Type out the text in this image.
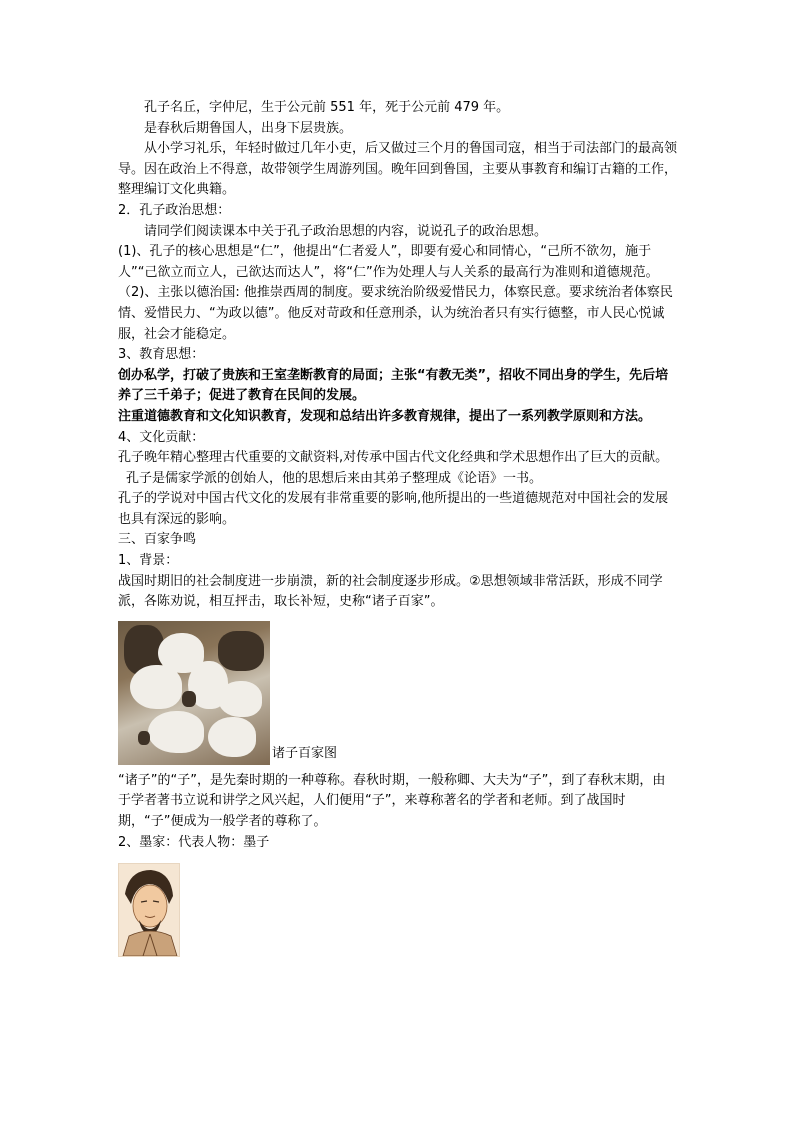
孔子名丘，字仲尼，生于公元前 551 年，死于公元前 479 年。

是春秋后期鲁国人，出身下层贵族。

从小学习礼乐，年轻时做过几年小吏，后又做过三个月的鲁国司寇，相当于司法部门的最高领导。因在政治上不得意，故带领学生周游列国。晚年回到鲁国，主要从事教育和编订古籍的工作，整理编订文化典籍。

2．孔子政治思想：

请同学们阅读课本中关于孔子政治思想的内容，说说孔子的政治思想。

(1)、孔子的核心思想是“仁”，他提出“仁者爱人”，即要有爱心和同情心，“己所不欲勿，施于人”“己欲立而立人，己欲达而达人”，将“仁”作为处理人与人关系的最高行为准则和道德规范。

（2)、主张以德治国: 他推崇西周的制度。要求统治阶级爱惜民力，体察民意。要求统治者体察民情、爱惜民力、“为政以德”。他反对苛政和任意刑杀，认为统治者只有实行德整，市人民心悦诚服，社会才能稳定。

3、教育思想：

创办私学，打破了贵族和王室垄断教育的局面；主张“有教无类”，招收不同出身的学生，先后培养了三千弟子；促进了教育在民间的发展。

注重道德教育和文化知识教育，发现和总结出许多教育规律，提出了一系列教学原则和方法。

4、文化贡献：

孔子晚年精心整理古代重要的文献资料,对传承中国古代文化经典和学术思想作出了巨大的贡献。

孔子是儒家学派的创始人，他的思想后来由其弟子整理成《论语》一书。

孔子的学说对中国古代文化的发展有非常重要的影响,他所提出的一些道德规范对中国社会的发展也具有深远的影响。

三、百家争鸣

1、背景：

战国时期旧的社会制度进一步崩溃，新的社会制度逐步形成。②思想领域非常活跃，形成不同学派，各陈劝说，相互抨击，取长补短，史称“诸子百家”。

诸子百家图

“诸子”的“子”，是先秦时期的一种尊称。春秋时期，一般称卿、大夫为“子”，到了春秋末期，由于学者著书立说和讲学之风兴起，人们便用“子”，来尊称著名的学者和老师。到了战国时期，“子”便成为一般学者的尊称了。

2、墨家：代表人物：墨子
